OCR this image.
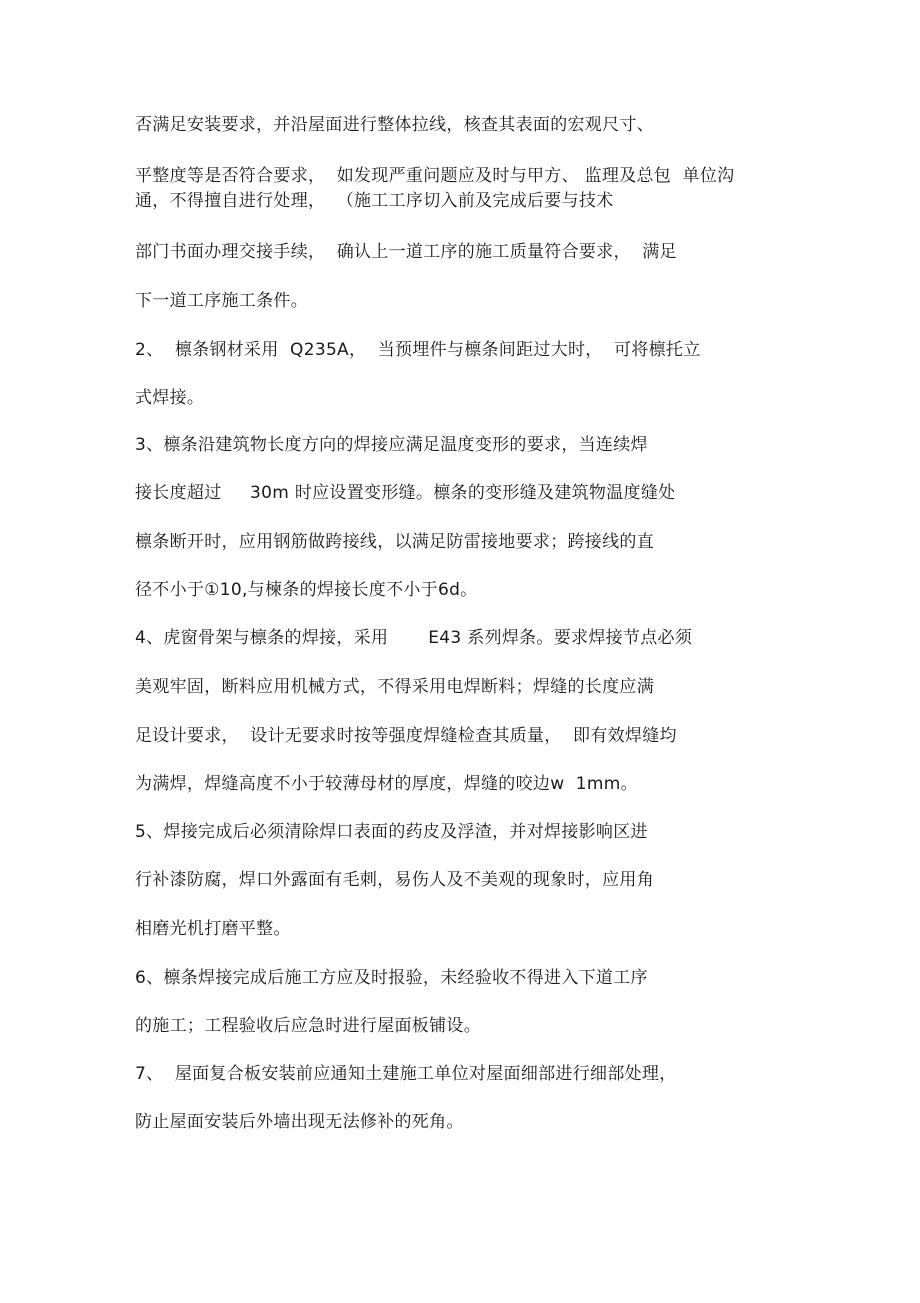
否满足安装要求，并沿屋面进行整体拉线，核查其表面的宏观尺寸、
平整度等是否符合要求，  如发现严重问题应及时与甲方、 监理及总包  单位沟
通，不得擅自进行处理，  （施工工序切入前及完成后要与技术
部门书面办理交接手续，  确认上一道工序的施工质量符合要求，  满足
下一道工序施工条件。
2、  檩条钢材采用  Q235A，  当预埋件与檩条间距过大时，  可将檩托立
式焊接。
3、檩条沿建筑物长度方向的焊接应满足温度变形的要求，当连续焊
接长度超过     30m 时应设置变形缝。檩条的变形缝及建筑物温度缝处
檩条断开时，应用钢筋做跨接线，以满足防雷接地要求；跨接线的直
径不小于①10,与楝条的焊接长度不小于6d。
4、虎窗骨架与檩条的焊接，采用       E43 系列焊条。要求焊接节点必须
美观牢固，断料应用机械方式，不得采用电焊断料；焊缝的长度应满
足设计要求，  设计无要求时按等强度焊缝检查其质量，  即有效焊缝均
为满焊，焊缝高度不小于较薄母材的厚度，焊缝的咬边w  1mm。
5、焊接完成后必须清除焊口表面的药皮及浮渣，并对焊接影响区进
行补漆防腐，焊口外露面有毛刺，易伤人及不美观的现象时，应用角
相磨光机打磨平整。
6、檩条焊接完成后施工方应及时报验，未经验收不得进入下道工序
的施工；工程验收后应急时进行屋面板铺设。
7、  屋面复合板安装前应通知土建施工单位对屋面细部进行细部处理，
防止屋面安装后外墙出现无法修补的死角。
